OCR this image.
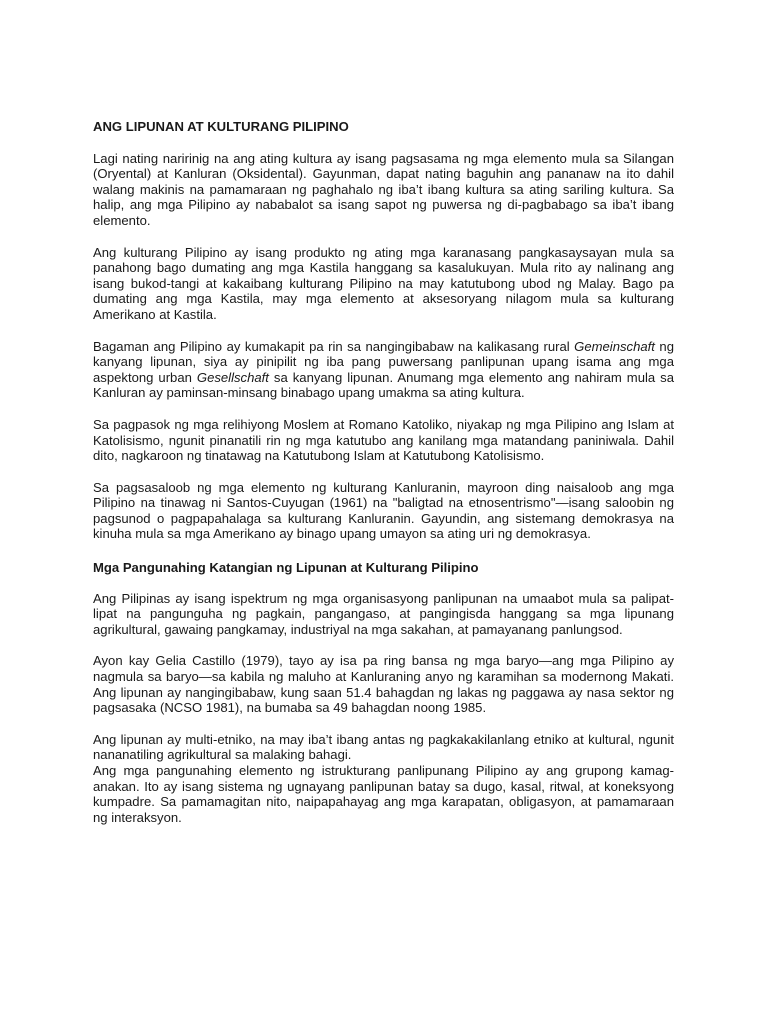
ANG LIPUNAN AT KULTURANG PILIPINO

Lagi nating naririnig na ang ating kultura ay isang pagsasama ng mga elemento mula sa Silangan (Oryental) at Kanluran (Oksidental). Gayunman, dapat nating baguhin ang pananaw na ito dahil walang makinis na pamamaraan ng paghahalo ng iba’t ibang kultura sa ating sariling kultura. Sa halip, ang mga Pilipino ay nababalot sa isang sapot ng puwersa ng di-pagbabago sa iba’t ibang elemento.

Ang kulturang Pilipino ay isang produkto ng ating mga karanasang pangkasaysayan mula sa panahong bago dumating ang mga Kastila hanggang sa kasalukuyan. Mula rito ay nalinang ang isang bukod-tangi at kakaibang kulturang Pilipino na may katutubong ubod ng Malay. Bago pa dumating ang mga Kastila, may mga elemento at aksesoryang nilagom mula sa kulturang Amerikano at Kastila.

Bagaman ang Pilipino ay kumakapit pa rin sa nangingibabaw na kalikasang rural Gemeinschaft ng kanyang lipunan, siya ay pinipilit ng iba pang puwersang panlipunan upang isama ang mga aspektong urban Gesellschaft sa kanyang lipunan. Anumang mga elemento ang nahiram mula sa Kanluran ay paminsan-minsang binabago upang umakma sa ating kultura.

Sa pagpasok ng mga relihiyong Moslem at Romano Katoliko, niyakap ng mga Pilipino ang Islam at Katolisismo, ngunit pinanatili rin ng mga katutubo ang kanilang mga matandang paniniwala. Dahil dito, nagkaroon ng tinatawag na Katutubong Islam at Katutubong Katolisismo.

Sa pagsasaloob ng mga elemento ng kulturang Kanluranin, mayroon ding naisaloob ang mga Pilipino na tinawag ni Santos-Cuyugan (1961) na "baligtad na etnosentrismo"—isang saloobin ng pagsunod o pagpapahalaga sa kulturang Kanluranin. Gayundin, ang sistemang demokrasya na kinuha mula sa mga Amerikano ay binago upang umayon sa ating uri ng demokrasya.

Mga Pangunahing Katangian ng Lipunan at Kulturang Pilipino

Ang Pilipinas ay isang ispektrum ng mga organisasyong panlipunan na umaabot mula sa palipat-lipat na pangunguha ng pagkain, pangangaso, at pangingisda hanggang sa mga lipunang agrikultural, gawaing pangkamay, industriyal na mga sakahan, at pamayanang panlungsod.

Ayon kay Gelia Castillo (1979), tayo ay isa pa ring bansa ng mga baryo—ang mga Pilipino ay nagmula sa baryo—sa kabila ng maluho at Kanluraning anyo ng karamihan sa modernong Makati. Ang lipunan ay nangingibabaw, kung saan 51.4 bahagdan ng lakas ng paggawa ay nasa sektor ng pagsasaka (NCSO 1981), na bumaba sa 49 bahagdan noong 1985.

Ang lipunan ay multi-etniko, na may iba’t ibang antas ng pagkakakilanlang etniko at kultural, ngunit nananatiling agrikultural sa malaking bahagi.

Ang mga pangunahing elemento ng istrukturang panlipunang Pilipino ay ang grupong kamag-anakan. Ito ay isang sistema ng ugnayang panlipunan batay sa dugo, kasal, ritwal, at koneksyong kumpadre. Sa pamamagitan nito, naipapahayag ang mga karapatan, obligasyon, at pamamaraan ng interaksyon.
